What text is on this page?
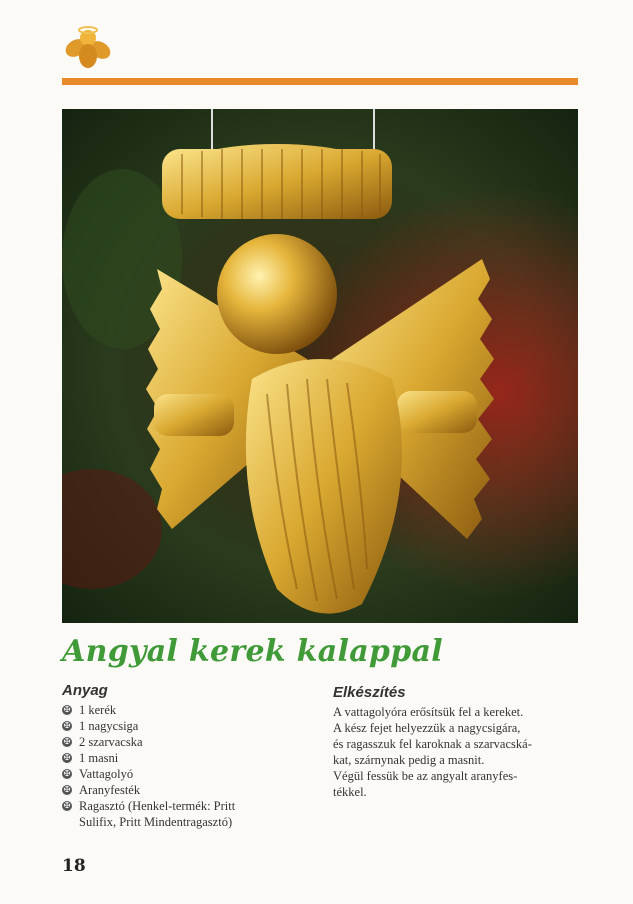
Angyal kerek kalappal
Anyag
✠ 1 kerék
✠ 1 nagycsiga
✠ 2 szarvacska
✠ 1 masni
✠ Vattagolyó
✠ Aranyfesték
✠ Ragasztó (Henkel-termék: Pritt
Sulifix, Pritt Mindentragasztó)
Elkészítés

A vattagolyóra erősítsük fel a kereket.

A kész fejet helyezzük a nagycsigára,

és ragasszuk fel karoknak a szarvacská-

kat, szárnynak pedig a masnit.

Végül fessük be az angyalt aranyfes-

tékkel.

18
